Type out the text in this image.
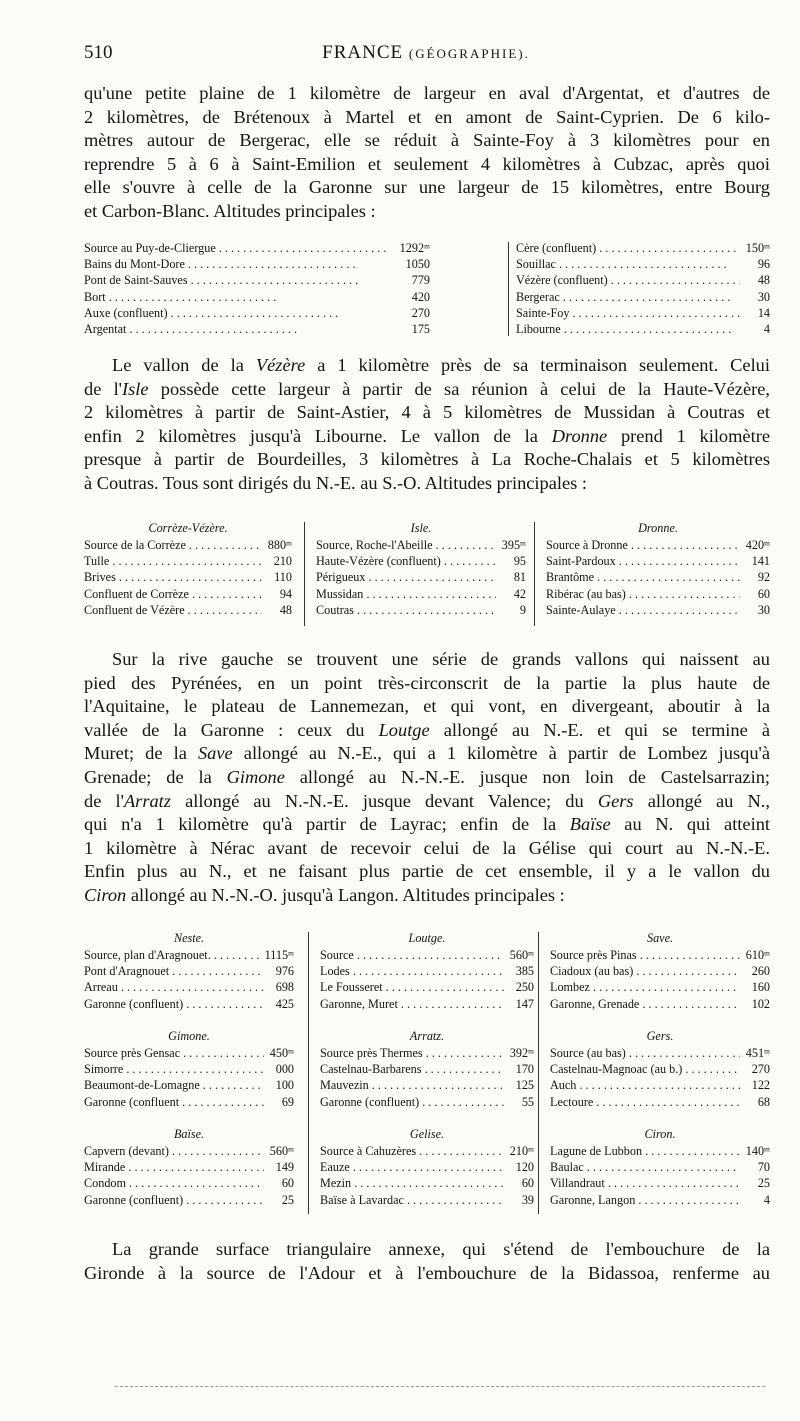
510	FRANCE (GÉOGRAPHIE).
qu'une petite plaine de 1 kilomètre de largeur en aval d'Argentat, et d'autres de
2 kilomètres, de Brétenoux à Martel et en amont de Saint-Cyprien. De 6 kilo-
mètres autour de Bergerac, elle se réduit à Sainte-Foy à 3 kilomètres pour en
reprendre 5 à 6 à Saint-Emilion et seulement 4 kilomètres à Cubzac, après quoi
elle s'ouvre à celle de la Garonne sur une largeur de 15 kilomètres, entre Bourg
et Carbon-Blanc. Altitudes principales :
Source au Puy-de-Cliergue . . .	1292ᵐ
Bains du Mont-Dore . . .	1050
Pont de Saint-Sauves . . .	779
Bort . . .	420
Auxe (confluent) . . .	270
Argentat . . .	175
Cère (confluent) . . .	150ᵐ
Souillac . . .	96
Vézère (confluent) . . .	48
Bergerac . . .	30
Sainte-Foy . . .	14
Libourne . . .	4
Le vallon de la Vézère a 1 kilomètre près de sa terminaison seulement. Celui
de l'Isle possède cette largeur à partir de sa réunion à celui de la Haute-Vézère,
2 kilomètres à partir de Saint-Astier, 4 à 5 kilomètres de Mussidan à Coutras et
enfin 2 kilomètres jusqu'à Libourne. Le vallon de la Dronne prend 1 kilomètre
presque à partir de Bourdeilles, 3 kilomètres à La Roche-Chalais et 5 kilomètres
à Coutras. Tous sont dirigés du N.-E. au S.-O. Altitudes principales :
Corrèze-Vézère.
Source de la Corrèze . . .	880ᵐ
Tulle . . .	210
Brives . . .	110
Confluent de Corrèze . . .	94
Confluent de Vézère . . .	48
Isle.
Source, Roche-l'Abeille . . .	395ᵐ
Haute-Vézère (confluent) . . .	95
Périgueux . . .	81
Mussidan . . .	42
Coutras . . .	9
Dronne.
Source à Dronne . . .	420ᵐ
Saint-Pardoux . . .	141
Brantôme . . .	92
Ribérac (au bas) . . .	60
Sainte-Aulaye . . .	30
Sur la rive gauche se trouvent une série de grands vallons qui naissent au
pied des Pyrénées, en un point très-circonscrit de la partie la plus haute de
l'Aquitaine, le plateau de Lannemezan, et qui vont, en divergeant, aboutir à la
vallée de la Garonne : ceux du Loutge allongé au N.-E. et qui se termine à
Muret; de la Save allongé au N.-E., qui a 1 kilomètre à partir de Lombez jusqu'à
Grenade; de la Gimone allongé au N.-N.-E. jusque non loin de Castelsarrazin;
de l'Arratz allongé au N.-N.-E. jusque devant Valence; du Gers allongé au N.,
qui n'a 1 kilomètre qu'à partir de Layrac; enfin de la Baïse au N. qui atteint
1 kilomètre à Nérac avant de recevoir celui de la Gélise qui court au N.-N.-E.
Enfin plus au N., et ne faisant plus partie de cet ensemble, il y a le vallon du
Ciron allongé au N.-N.-O. jusqu'à Langon. Altitudes principales :
Neste.
Source, plan d'Aragnouet. . . .	1115ᵐ
Pont d'Aragnouet . . .	976
Arreau . . .	698
Garonne (confluent) . . .	425
Loutge.
Source . . .	560ᵐ
Lodes . . .	385
Le Fousseret . . .	250
Garonne, Muret . . .	147
Save.
Source près Pinas . . .	610ᵐ
Ciadoux (au bas) . . .	260
Lombez . . .	160
Garonne, Grenade . . .	102
Gimone.
Source près Gensac . . .	450ᵐ
Simorre . . .	000
Beaumont-de-Lomagne . . .	100
Garonne (confluent . . .	69
Arratz.
Source près Thermes . . .	392ᵐ
Castelnau-Barbarens . . .	170
Mauvezin . . .	125
Garonne (confluent) . . .	55
Gers.
Source (au bas) . . .	451ᵐ
Castelnau-Magnoac (au b.) . . .	270
Auch . . .	122
Lectoure . . .	68
Baïse.
Capvern (devant) . . .	560ᵐ
Mirande . . .	149
Condom . . .	60
Garonne (confluent) . . .	25
Gelise.
Source à Cahuzères . . .	210ᵐ
Eauze . . .	120
Mezin . . .	60
Baïse à Lavardac . . .	39
Ciron.
Lagune de Lubbon . . .	140ᵐ
Baulac . . .	70
Villandraut . . .	25
Garonne, Langon . . .	4
La grande surface triangulaire annexe, qui s'étend de l'embouchure de la
Gironde à la source de l'Adour et à l'embouchure de la Bidassoa, renferme au
